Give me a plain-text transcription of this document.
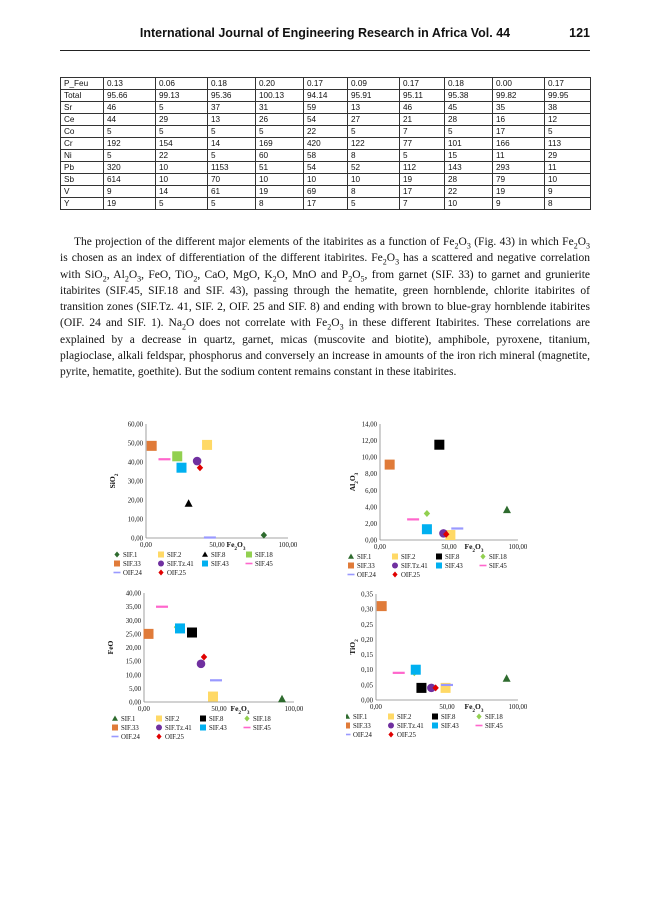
International Journal of Engineering Research in Africa Vol. 44	121
P_Feu	0.13	0.06	0.18	0.20	0.17	0.09	0.17	0.18	0.00	0.17
Total	95.66	99.13	95.36	100.13	94.14	95.91	95.11	95.38	99.82	99.95
Sr	46	5	37	31	59	13	46	45	35	38
Ce	44	29	13	26	54	27	21	28	16	12
Co	5	5	5	5	22	5	7	5	17	5
Cr	192	154	14	169	420	122	77	101	166	113
Ni	5	22	5	60	58	8	5	15	11	29
Pb	320	10	1153	51	54	52	112	143	293	11
Sb	614	10	70	10	10	10	19	28	79	10
V	9	14	61	19	69	8	17	22	19	9
Y	19	5	5	8	17	5	7	10	9	8

The projection of the different major elements of the itabirites as a function of $Fe_2O_3$ (Fig. 43) in which $Fe_2O_3$ is chosen as an index of differentiation of the different itabirites. $Fe_2O_3$ has a scattered and negative correlation with SiO$_2$, $Al_2O_3$, FeO, TiO$_2$, CaO, MgO, $K_2O$, MnO and $P_2O_5$, from garnet (SIF. 33) to garnet and grunierite itabirites (SIF.45, SIF.18 and SIF. 43), passing through the hematite, green hornblende, chlorite itabirites of transition zones (SIF.Tz. 41, SIF. 2, OIF. 25 and SIF. 8) and ending with brown to blue-gray hornblende itabirites (OIF. 24 and SIF. 1). $Na_2O$ does not correlate with $Fe_2O_3$ in these different Itabirites. These correlations are explained by a decrease in quartz, garnet, micas (muscovite and biotite), amphibole, pyroxene, titanium, plagioclase, alkali feldspar, phosphorus and conversely an increase in amounts of the iron rich mineral (magnetite, pyrite, hematite, goethite). But the sodium content remains constant in these itabirites.

0,00
10,00
20,00
30,00
40,00
50,00
60,00
0,00	50,00	100,00
$Fe_2O_3$
SiO$_2$
SIF.1	SIF.2	SIF.8	SIF.18
SIF.33	SIF.Tz.41	SIF.43	SIF.45
OIF.24	OIF.25
0,00
2,00
4,00
6,00
8,00
10,00
12,00
14,00
0,00	50,00	100,00
$Fe_2O_3$
$Al_2O_3$
SIF.1	SIF.2	SIF.8	SIF.18
SIF.33	SIF.Tz.41	SIF.43	SIF.45
OIF.24	OIF.25
0,00
5,00
10,00
15,00
20,00
25,00
30,00
35,00
40,00
0,00	50,00	100,00
$Fe_2O_3$
FeO
SIF.1	SIF.2	SIF.8	SIF.18
SIF.33	SIF.Tz.41	SIF.43	SIF.45
OIF.24	OIF.25
0,00
0,05
0,10
0,15
0,20
0,25
0,30
0,35
0,00	50,00	100,00
$Fe_2O_3$
TiO$_2$
SIF.1	SIF.2	SIF.8	SIF.18
SIF.33	SIF.Tz.41	SIF.43	SIF.45
OIF.24	OIF.25
